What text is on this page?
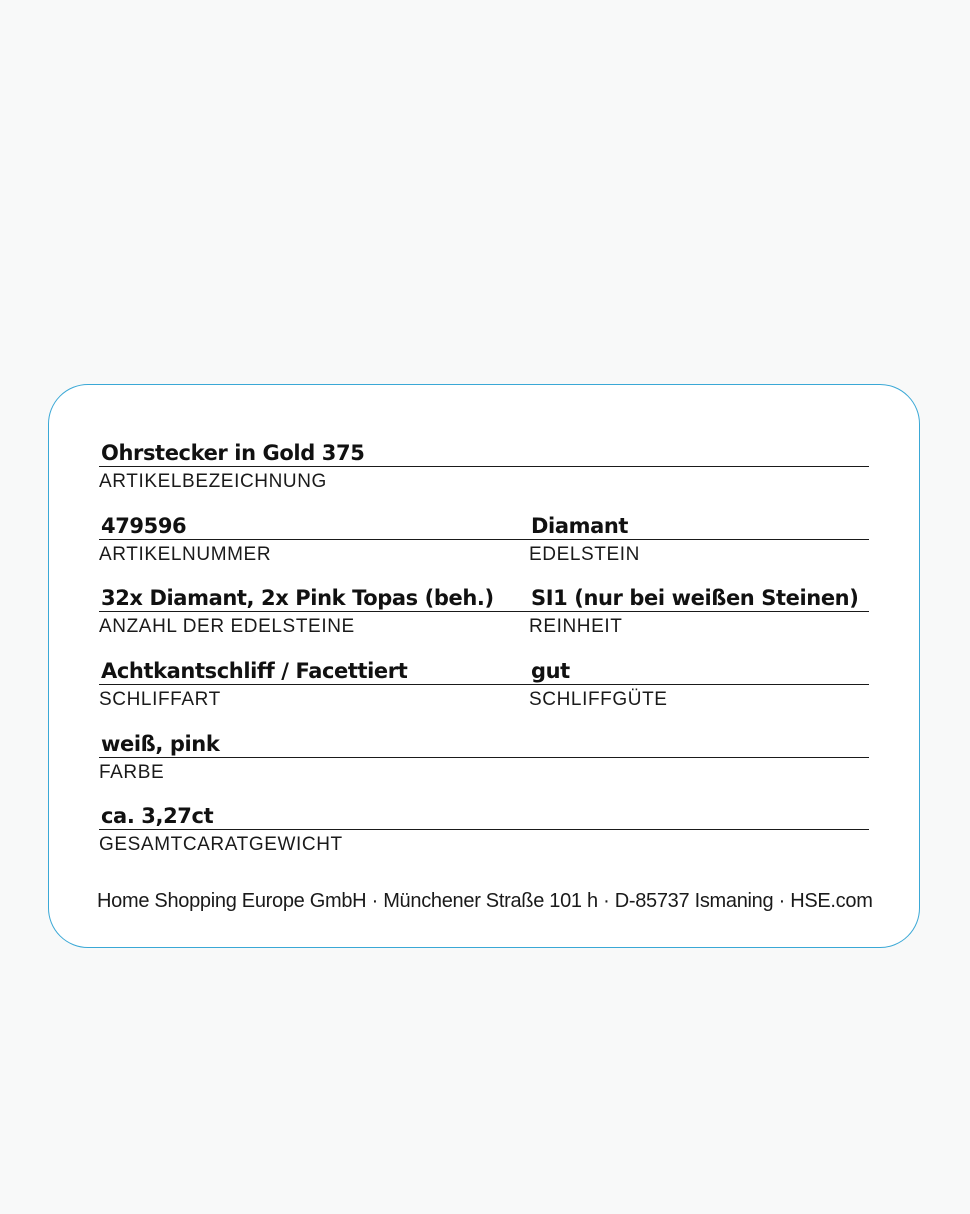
Ohrstecker in Gold 375
ARTIKELBEZEICHNUNG
479596
ARTIKELNUMMER
Diamant
EDELSTEIN
32x Diamant, 2x Pink Topas (beh.)
ANZAHL DER EDELSTEINE
SI1 (nur bei weißen Steinen)
REINHEIT
Achtkantschliff / Facettiert
SCHLIFFART
gut
SCHLIFFGÜTE
weiß, pink
FARBE
ca. 3,27ct
GESAMTCARATGEWICHT
Home Shopping Europe GmbH · Münchener Straße 101 h · D-85737 Ismaning · HSE.com
